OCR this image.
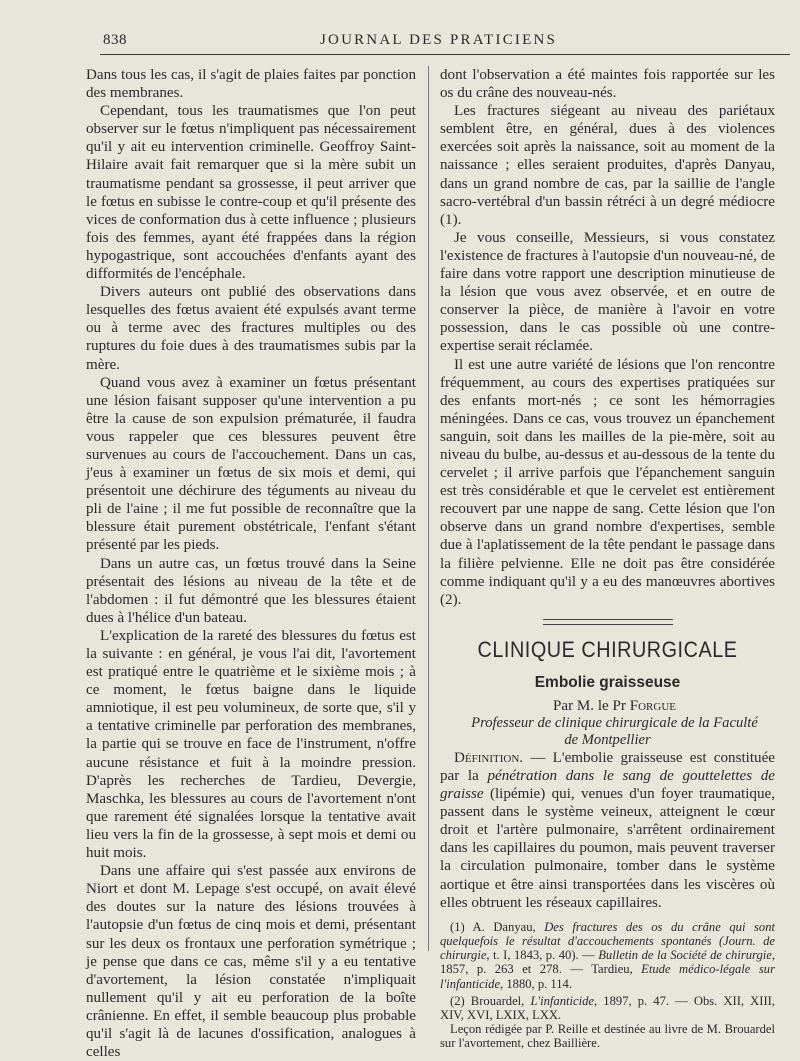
838	JOURNAL DES PRATICIENS

Dans tous les cas, il s'agit de plaies faites par ponction des membranes.

Cependant, tous les traumatismes que l'on peut observer sur le fœtus n'impliquent pas nécessairement qu'il y ait eu intervention criminelle. Geoffroy Saint-Hilaire avait fait remarquer que si la mère subit un traumatisme pendant sa grossesse, il peut arriver que le fœtus en subisse le contre-coup et qu'il présente des vices de conformation dus à cette influence ; plusieurs fois des femmes, ayant été frappées dans la région hypogastrique, sont accouchées d'enfants ayant des difformités de l'encéphale.

Divers auteurs ont publié des observations dans lesquelles des fœtus avaient été expulsés avant terme ou à terme avec des fractures multiples ou des ruptures du foie dues à des traumatismes subis par la mère.

Quand vous avez à examiner un fœtus présentant une lésion faisant supposer qu'une intervention a pu être la cause de son expulsion prématurée, il faudra vous rappeler que ces blessures peuvent être survenues au cours de l'accouchement. Dans un cas, j'eus à examiner un fœtus de six mois et demi, qui présentoit une déchirure des téguments au niveau du pli de l'aine ; il me fut possible de reconnaître que la blessure était purement obstétricale, l'enfant s'étant présenté par les pieds.

Dans un autre cas, un fœtus trouvé dans la Seine présentait des lésions au niveau de la tête et de l'abdomen : il fut démontré que les blessures étaient dues à l'hélice d'un bateau.

L'explication de la rareté des blessures du fœtus est la suivante : en général, je vous l'ai dit, l'avortement est pratiqué entre le quatrième et le sixième mois ; à ce moment, le fœtus baigne dans le liquide amniotique, il est peu volumineux, de sorte que, s'il y a tentative criminelle par perforation des membranes, la partie qui se trouve en face de l'instrument, n'offre aucune résistance et fuit à la moindre pression. D'après les recherches de Tardieu, Devergie, Maschka, les blessures au cours de l'avortement n'ont que rarement été signalées lorsque la tentative avait lieu vers la fin de la grossesse, à sept mois et demi ou huit mois.

Dans une affaire qui s'est passée aux environs de Niort et dont M. Lepage s'est occupé, on avait élevé des doutes sur la nature des lésions trouvées à l'autopsie d'un fœtus de cinq mois et demi, présentant sur les deux os frontaux une perforation symétrique ; je pense que dans ce cas, même s'il y a eu tentative d'avortement, la lésion constatée n'impliquait nullement qu'il y ait eu perforation de la boîte crânienne. En effet, il semble beaucoup plus probable qu'il s'agit là de lacunes d'ossification, analogues à celles

dont l'observation a été maintes fois rapportée sur les os du crâne des nouveau-nés.

Les fractures siégeant au niveau des pariétaux semblent être, en général, dues à des violences exercées soit après la naissance, soit au moment de la naissance ; elles seraient produites, d'après Danyau, dans un grand nombre de cas, par la saillie de l'angle sacro-vertébral d'un bassin rétréci à un degré médiocre (1).

Je vous conseille, Messieurs, si vous constatez l'existence de fractures à l'autopsie d'un nouveau-né, de faire dans votre rapport une description minutieuse de la lésion que vous avez observée, et en outre de conserver la pièce, de manière à l'avoir en votre possession, dans le cas possible où une contre-expertise serait réclamée.

Il est une autre variété de lésions que l'on rencontre fréquemment, au cours des expertises pratiquées sur des enfants mort-nés ; ce sont les hémorragies méningées. Dans ce cas, vous trouvez un épanchement sanguin, soit dans les mailles de la pie-mère, soit au niveau du bulbe, au-dessus et au-dessous de la tente du cervelet ; il arrive parfois que l'épanchement sanguin est très considérable et que le cervelet est entièrement recouvert par une nappe de sang. Cette lésion que l'on observe dans un grand nombre d'expertises, semble due à l'aplatissement de la tête pendant le passage dans la filière pelvienne. Elle ne doit pas être considérée comme indiquant qu'il y a eu des manœuvres abortives (2).

CLINIQUE CHIRURGICALE
Embolie graisseuse

Par M. le Pr Forgue

Professeur de clinique chirurgicale de la Faculté
de Montpellier

Définition. — L'embolie graisseuse est constituée par la pénétration dans le sang de gouttelettes de graisse (lipémie) qui, venues d'un foyer traumatique, passent dans le système veineux, atteignent le cœur droit et l'artère pulmonaire, s'arrêtent ordinairement dans les capillaires du poumon, mais peuvent traverser la circulation pulmonaire, tomber dans le système aortique et être ainsi transportées dans les viscères où elles obtruent les réseaux capillaires.

(1) A. Danyau, Des fractures des os du crâne qui sont quelquefois le résultat d'accouchements spontanés (Journ. de chirurgie, t. I, 1843, p. 40). — Bulletin de la Société de chirurgie, 1857, p. 263 et 278. — Tardieu, Etude médico-légale sur l'infanticide, 1880, p. 114.

(2) Brouardel, L'infanticide, 1897, p. 47. — Obs. XII, XIII, XIV, XVI, LXIX, LXX.

Leçon rédigée par P. Reille et destinée au livre de M. Brouardel sur l'avortement, chez Baillière.
